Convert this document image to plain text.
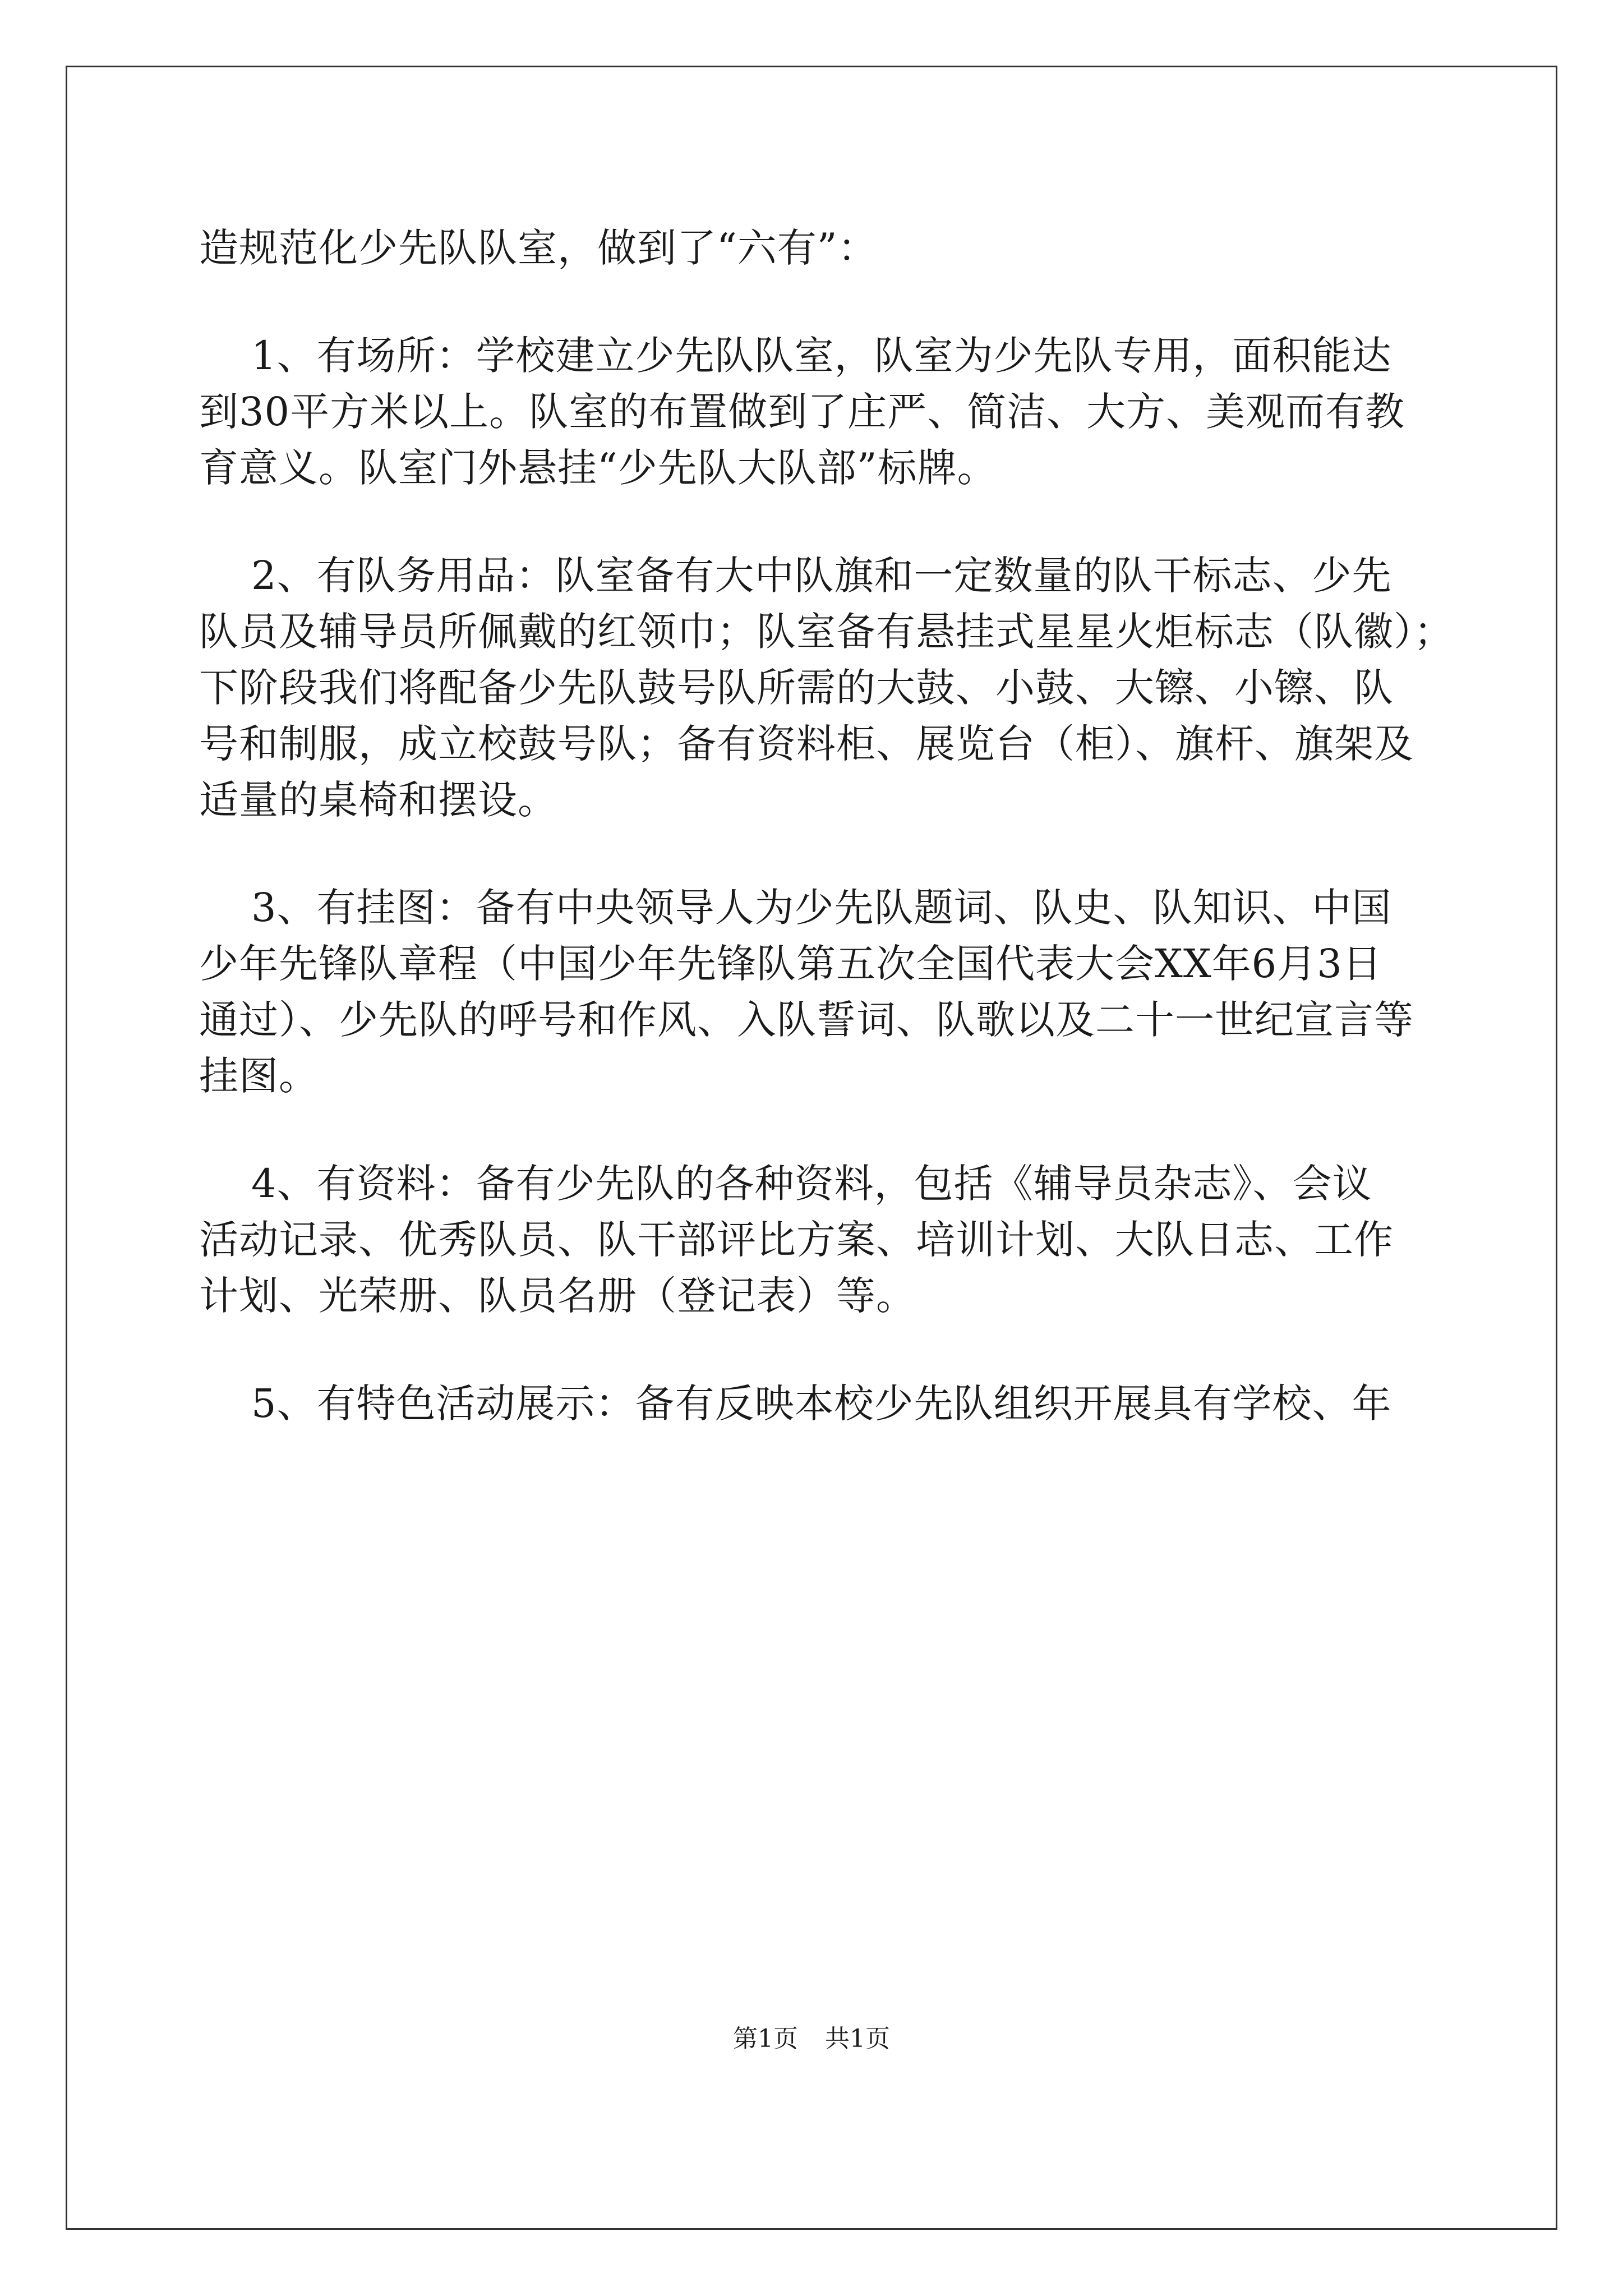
造规范化少先队队室，做到了“六有”：
1、有场所：学校建立少先队队室，队室为少先队专用，面积能达
到30平方米以上。队室的布置做到了庄严、简洁、大方、美观而有教
育意义。队室门外悬挂“少先队大队部”标牌。
2、有队务用品：队室备有大中队旗和一定数量的队干标志、少先
队员及辅导员所佩戴的红领巾；队室备有悬挂式星星火炬标志（队徽）；
下阶段我们将配备少先队鼓号队所需的大鼓、小鼓、大镲、小镲、队
号和制服，成立校鼓号队；备有资料柜、展览台（柜）、旗杆、旗架及
适量的桌椅和摆设。
3、有挂图：备有中央领导人为少先队题词、队史、队知识、中国
少年先锋队章程（中国少年先锋队第五次全国代表大会XX年6月3日
通过）、少先队的呼号和作风、入队誓词、队歌以及二十一世纪宣言等
挂图。
4、有资料：备有少先队的各种资料，包括《辅导员杂志》、会议
活动记录、优秀队员、队干部评比方案、培训计划、大队日志、工作
计划、光荣册、队员名册（登记表）等。
5、有特色活动展示：备有反映本校少先队组织开展具有学校、年
第1页 共1页
